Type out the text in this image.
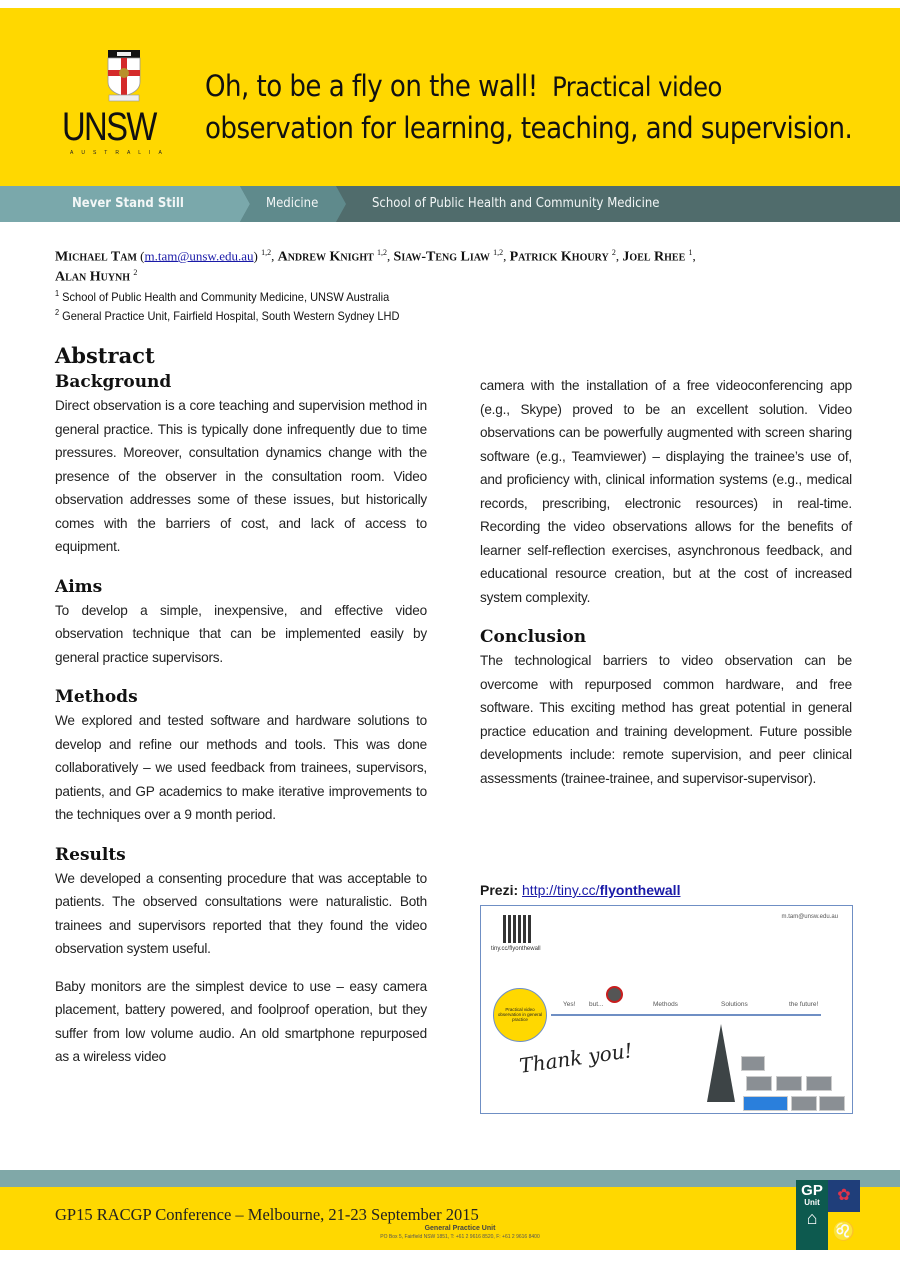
UNSW
AUSTRALIA
Oh, to be a fly on the wall! Practical video
observation for learning, teaching, and supervision.
Never Stand Still	Medicine	School of Public Health and Community Medicine
Michael Tam (m.tam@unsw.edu.au) $^{1,2}$, Andrew Knight $^{1,2}$, Siaw-Teng Liaw $^{1,2}$, Patrick Khoury $^2$, Joel Rhee $^1$,
Alan Huynh $^2$
$^1$ School of Public Health and Community Medicine, UNSW Australia
$^2$ General Practice Unit, Fairfield Hospital, South Western Sydney LHD
Abstract
Background
Direct observation is a core teaching and supervision method in general practice. This is typically done infrequently due to time pressures. Moreover, consultation dynamics change with the presence of the observer in the consultation room. Video observation addresses some of these issues, but historically comes with the barriers of cost, and lack of access to equipment.
Aims
To develop a simple, inexpensive, and effective video observation technique that can be implemented easily by general practice supervisors.
Methods
We explored and tested software and hardware solutions to develop and refine our methods and tools. This was done collaboratively – we used feedback from trainees, supervisors, patients, and GP academics to make iterative improvements to the techniques over a 9 month period.
Results
We developed a consenting procedure that was acceptable to patients. The observed consultations were naturalistic. Both trainees and supervisors reported that they found the video observation system useful.
Baby monitors are the simplest device to use – easy camera placement, battery powered, and foolproof operation, but they suffer from low volume audio. An old smartphone repurposed as a wireless video
camera with the installation of a free videoconferencing app (e.g., Skype) proved to be an excellent solution. Video observations can be powerfully augmented with screen sharing software (e.g., Teamviewer) – displaying the trainee’s use of, and proficiency with, clinical information systems (e.g., medical records, prescribing, electronic resources) in real-time. Recording the video observations allows for the benefits of learner self-reflection exercises, asynchronous feedback, and educational resource creation, but at the cost of increased system complexity.
Conclusion
The technological barriers to video observation can be overcome with repurposed common hardware, and free software. This exciting method has great potential in general practice education and training development. Future possible developments include: remote supervision, and peer clinical assessments (trainee-trainee, and supervisor-supervisor).
Prezi: http://tiny.cc/flyonthewall
tiny.cc/flyonthewall
m.tam@unsw.edu.au
Practical video observation in general practice
Yes! but...	Methods	Solutions	the future!
Thank you!
GP15 RACGP Conference – Melbourne, 21-23 September 2015
General Practice Unit
PO Box 5, Fairfield NSW 1851, T: +61 2 9616 8520, F: +61 2 9616 8400
GP
Unit
⌂
✿
♌
